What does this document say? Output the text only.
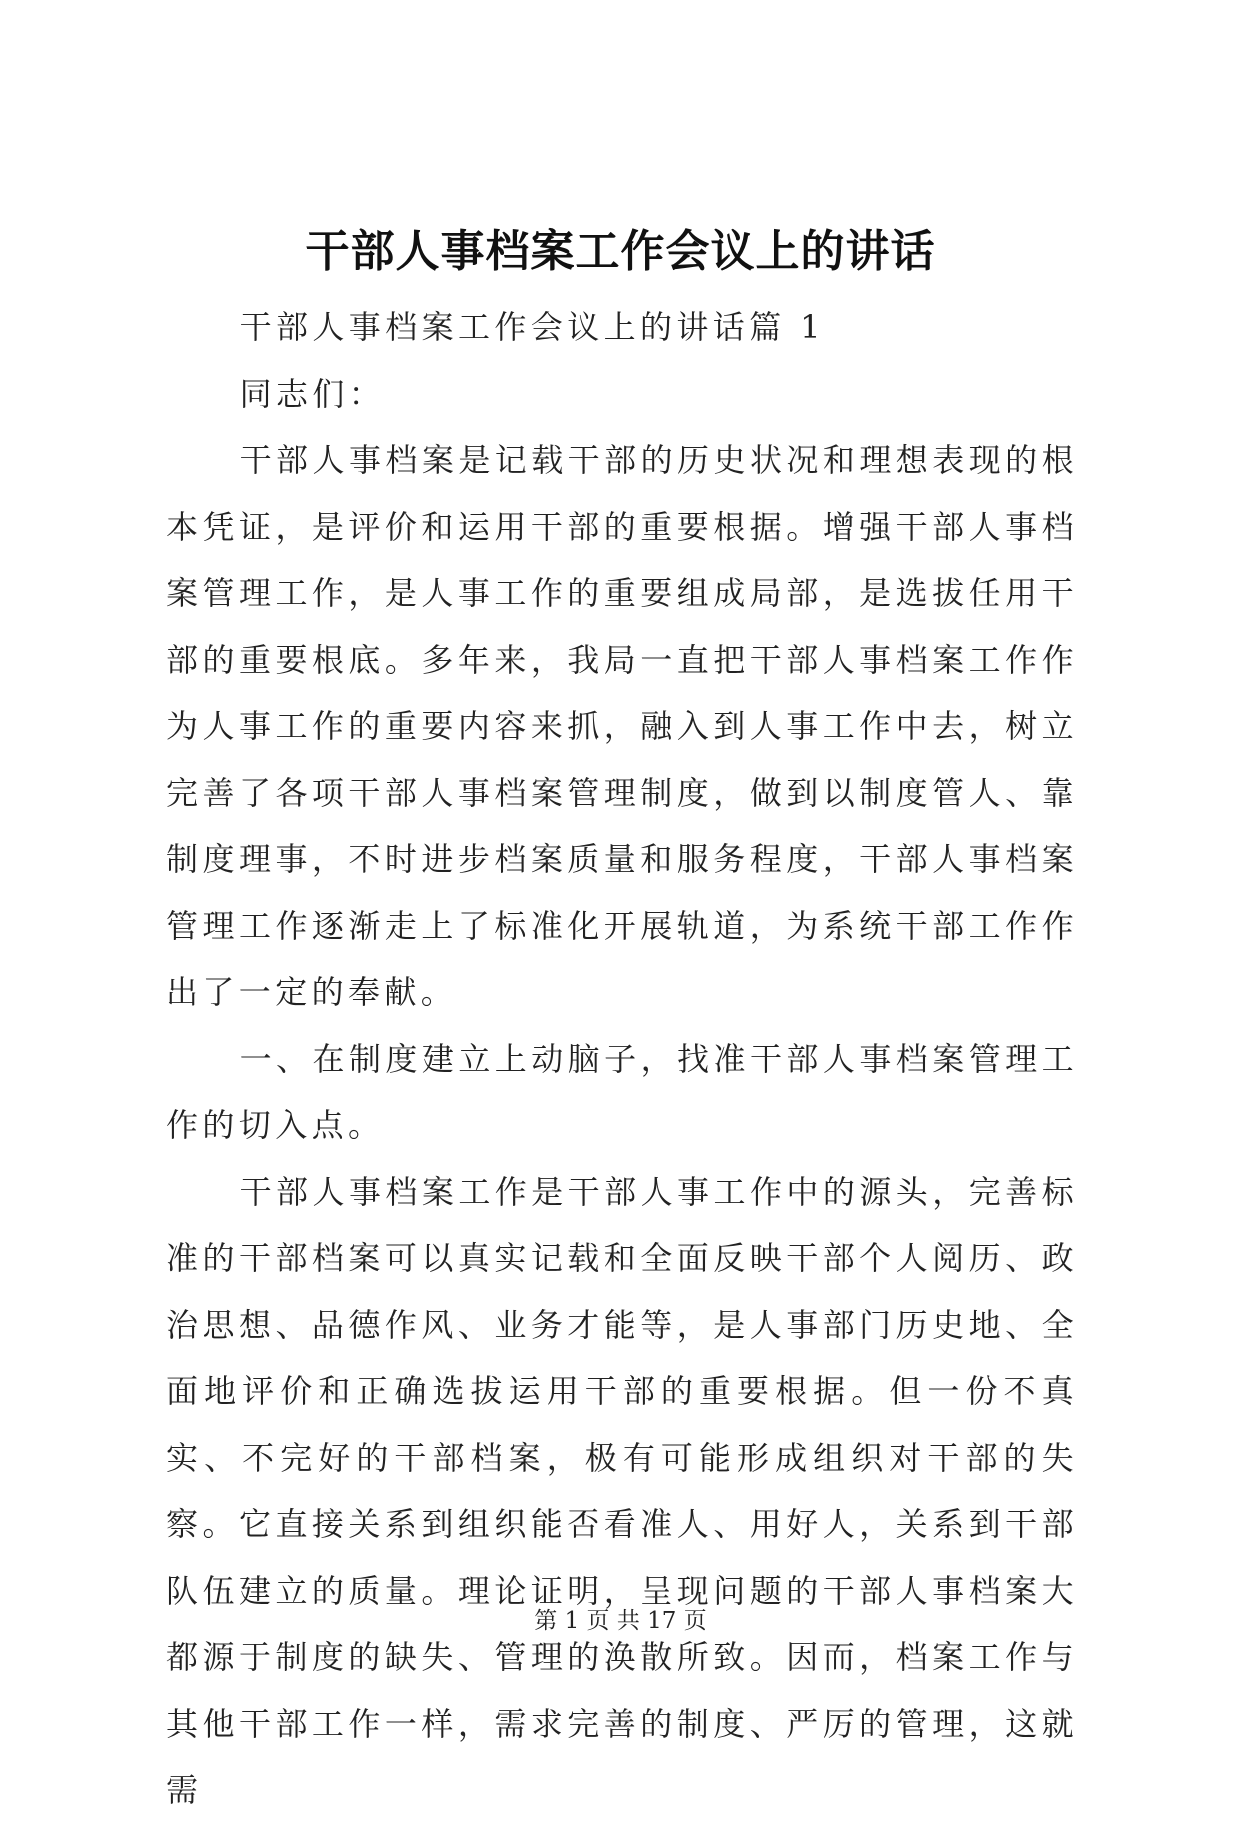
干部人事档案工作会议上的讲话

干部人事档案工作会议上的讲话篇 1

同志们：

干部人事档案是记载干部的历史状况和理想表现的根本凭证，是评价和运用干部的重要根据。增强干部人事档案管理工作，是人事工作的重要组成局部，是选拔任用干部的重要根底。多年来，我局一直把干部人事档案工作作为人事工作的重要内容来抓，融入到人事工作中去，树立完善了各项干部人事档案管理制度，做到以制度管人、靠制度理事，不时进步档案质量和服务程度，干部人事档案管理工作逐渐走上了标准化开展轨道，为系统干部工作作出了一定的奉献。

一、在制度建立上动脑子，找准干部人事档案管理工作的切入点。

干部人事档案工作是干部人事工作中的源头，完善标准的干部档案可以真实记载和全面反映干部个人阅历、政治思想、品德作风、业务才能等，是人事部门历史地、全面地评价和正确选拔运用干部的重要根据。但一份不真实、不完好的干部档案，极有可能形成组织对干部的失察。它直接关系到组织能否看准人、用好人，关系到干部队伍建立的质量。理论证明，呈现问题的干部人事档案大都源于制度的缺失、管理的涣散所致。因而，档案工作与其他干部工作一样，需求完善的制度、严厉的管理，这就需

第 1 页 共 17 页
